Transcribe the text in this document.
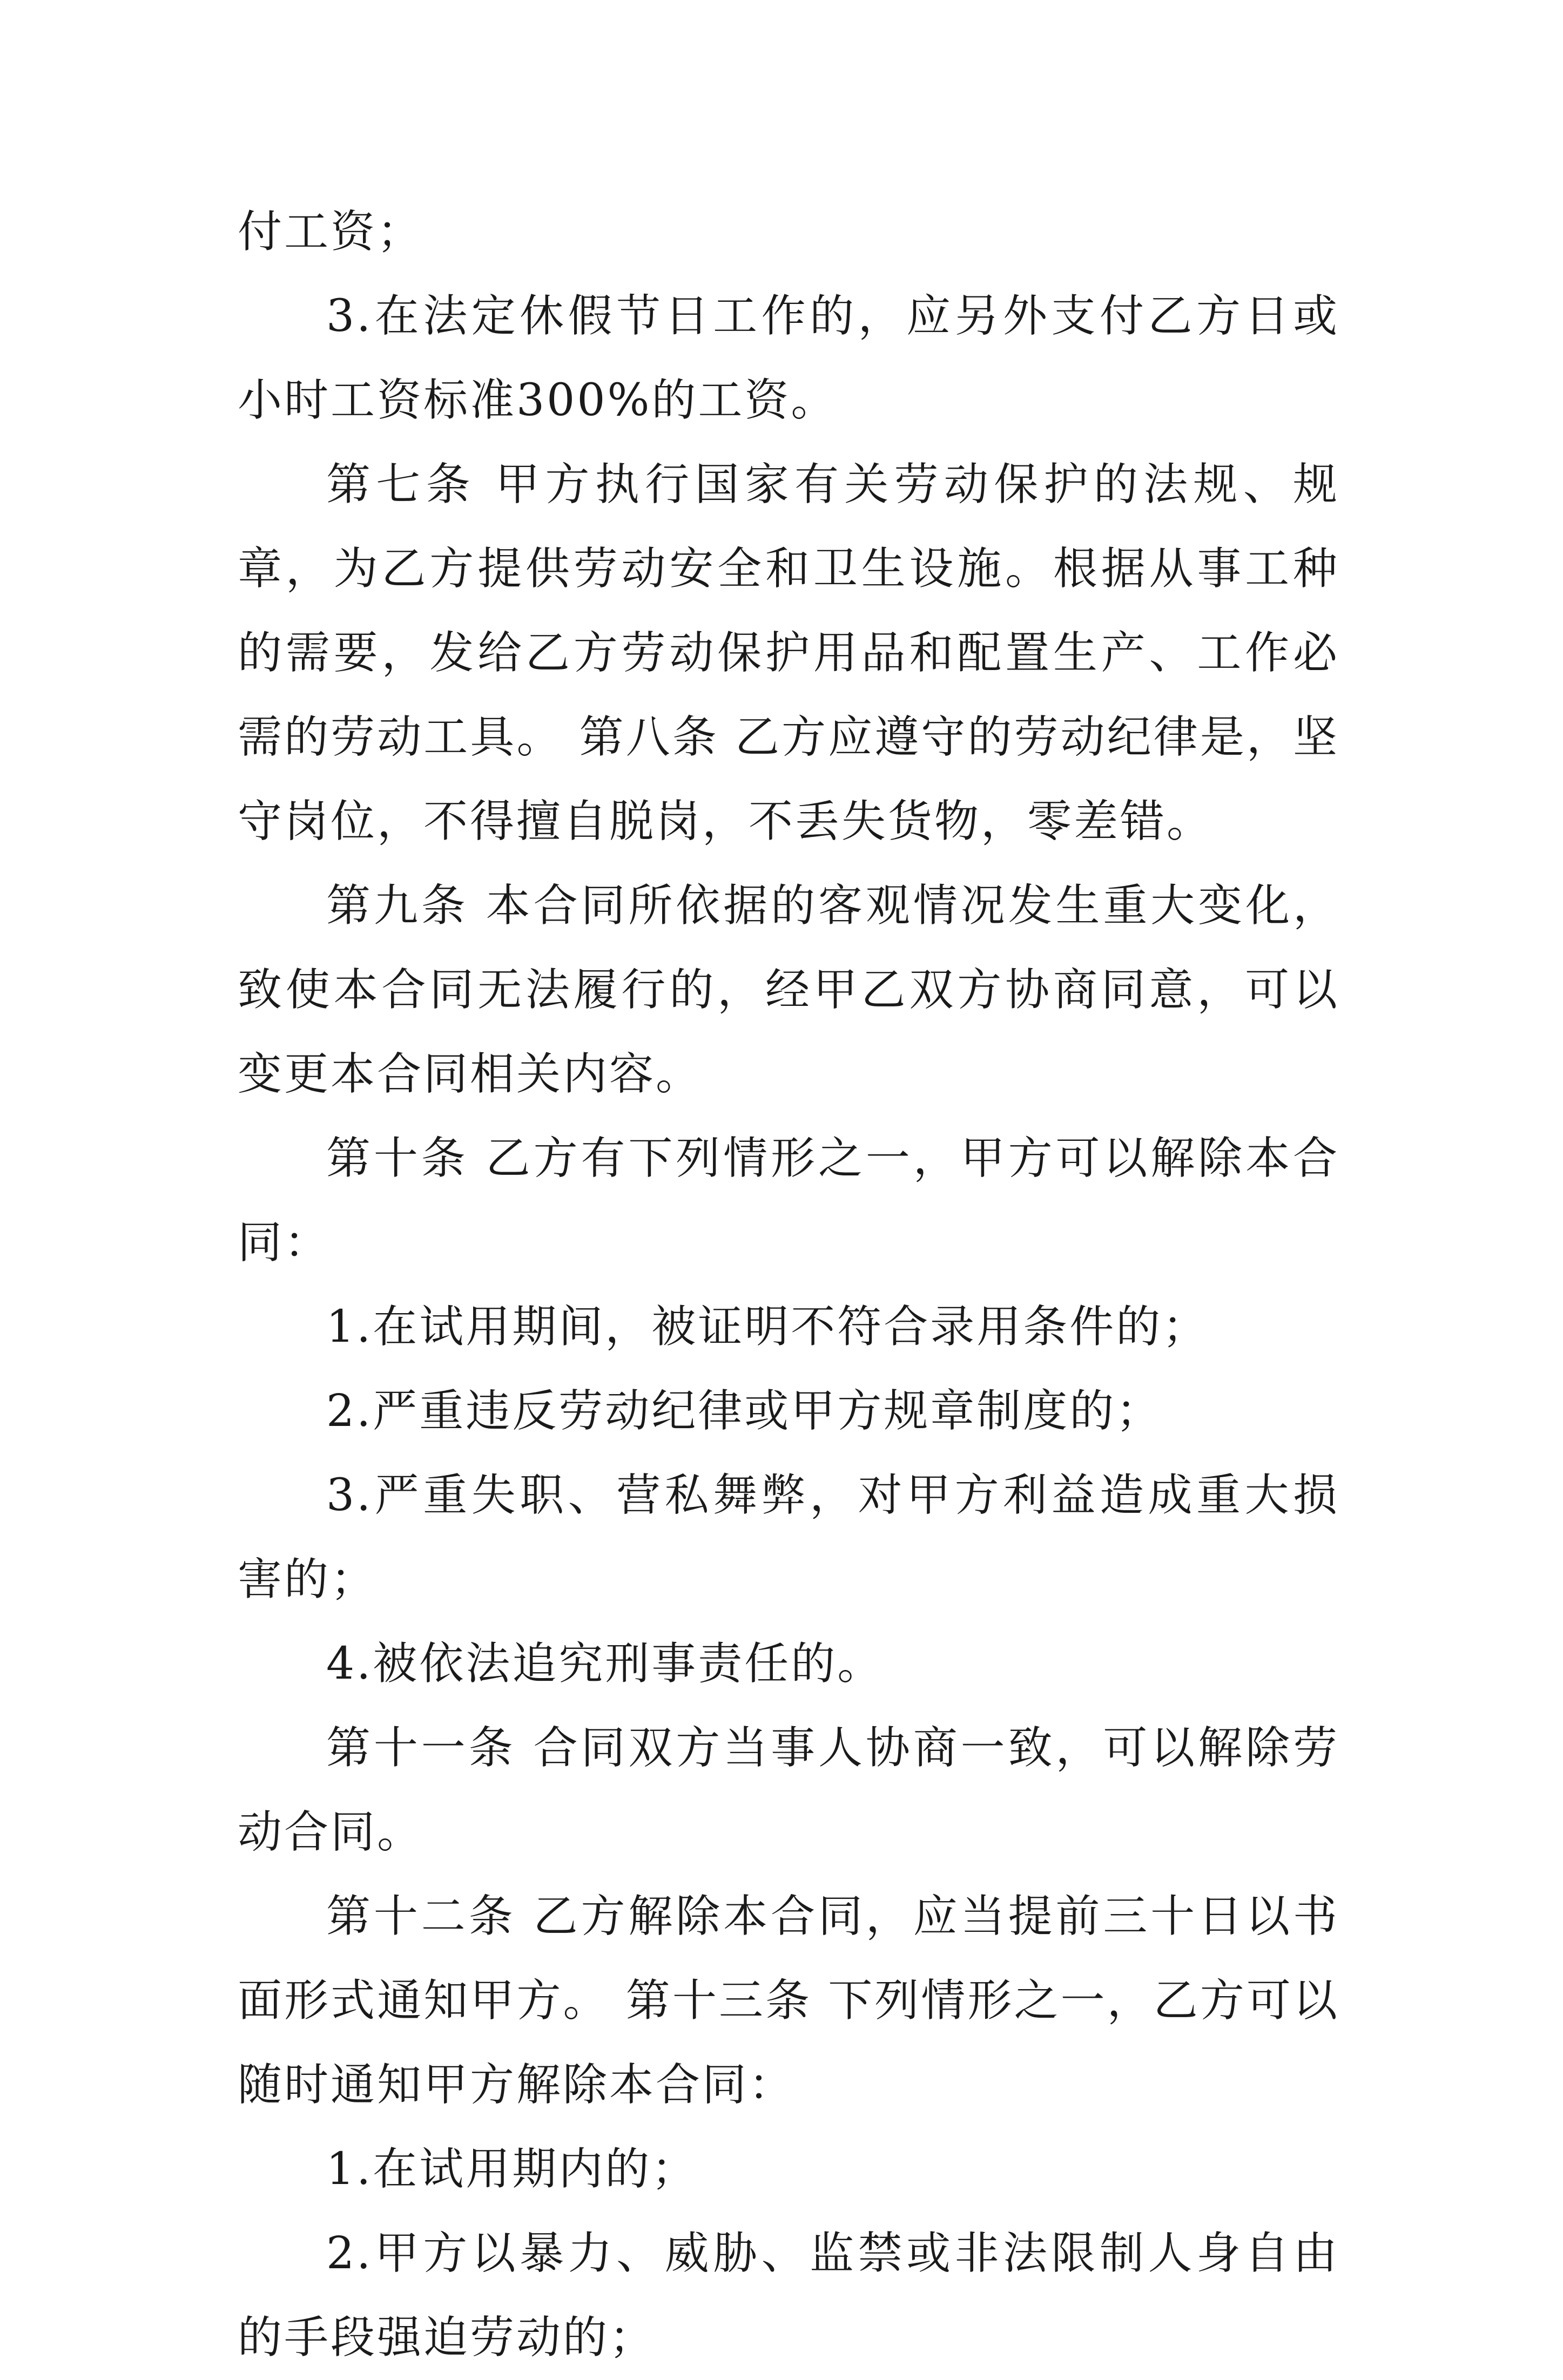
付工资；

3.在法定休假节日工作的，应另外支付乙方日或小时工资标准300%的工资。

第七条 甲方执行国家有关劳动保护的法规、规章，为乙方提供劳动安全和卫生设施。根据从事工种的需要，发给乙方劳动保护用品和配置生产、工作必需的劳动工具。 第八条 乙方应遵守的劳动纪律是，坚守岗位，不得擅自脱岗，不丢失货物，零差错。

第九条 本合同所依据的客观情况发生重大变化，致使本合同无法履行的，经甲乙双方协商同意，可以变更本合同相关内容。

第十条 乙方有下列情形之一，甲方可以解除本合同：

1.在试用期间，被证明不符合录用条件的；

2.严重违反劳动纪律或甲方规章制度的；

3.严重失职、营私舞弊，对甲方利益造成重大损害的；

4.被依法追究刑事责任的。

第十一条 合同双方当事人协商一致，可以解除劳动合同。

第十二条 乙方解除本合同，应当提前三十日以书面形式通知甲方。 第十三条 下列情形之一，乙方可以随时通知甲方解除本合同：

1.在试用期内的；

2.甲方以暴力、威胁、监禁或非法限制人身自由的手段强迫劳动的；
